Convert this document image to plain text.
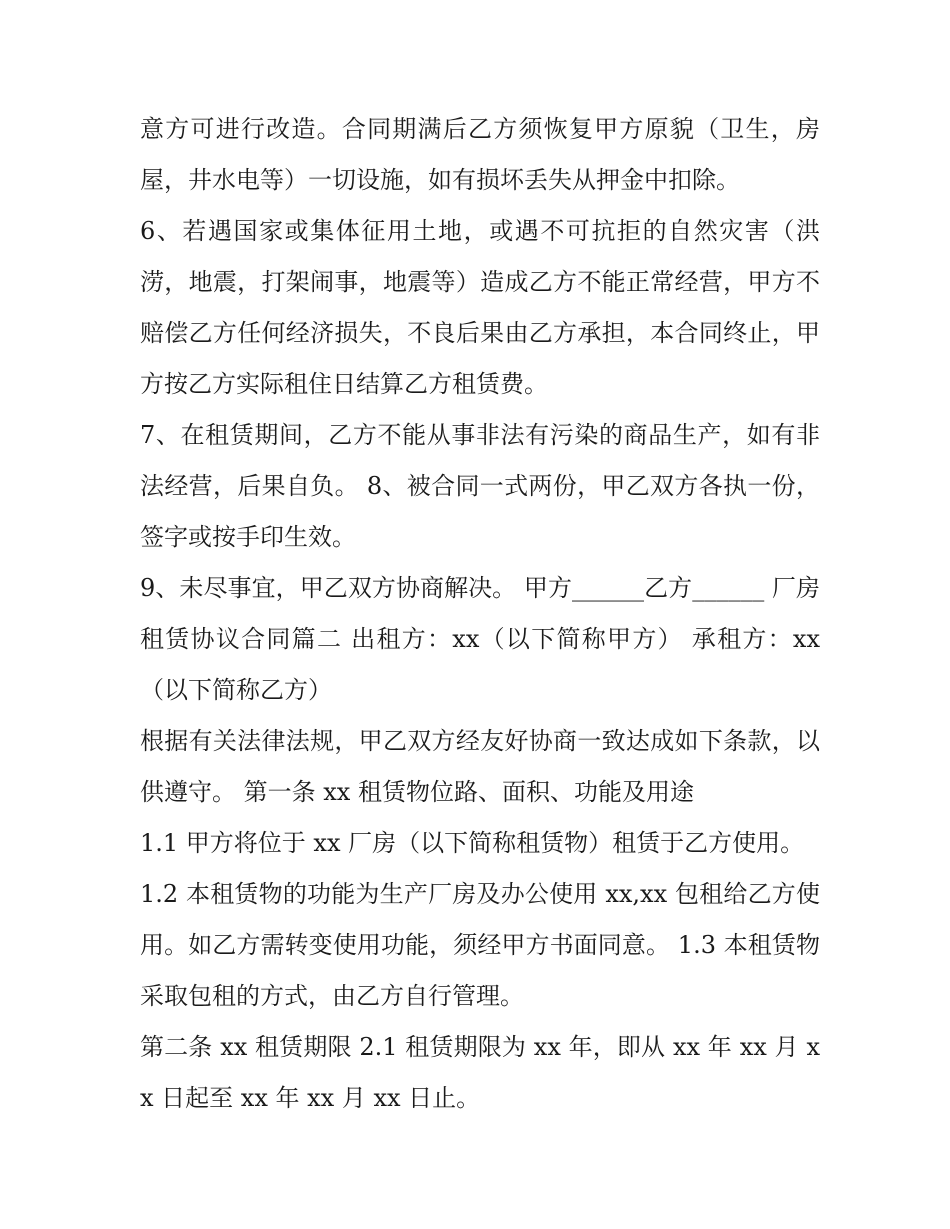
意方可进行改造。合同期满后乙方须恢复甲方原貌（卫生，房屋，井水电等）一切设施，如有损坏丢失从押金中扣除。

6、若遇国家或集体征用土地，或遇不可抗拒的自然灾害（洪涝，地震，打架闹事，地震等）造成乙方不能正常经营，甲方不赔偿乙方任何经济损失，不良后果由乙方承担，本合同终止，甲方按乙方实际租住日结算乙方租赁费。

7、在租赁期间，乙方不能从事非法有污染的商品生产，如有非法经营，后果自负。 8、被合同一式两份，甲乙双方各执一份，签字或按手印生效。

9、未尽事宜，甲乙双方协商解决。 甲方______乙方______ 厂房租赁协议合同篇二 出租方：xx（以下简称甲方） 承租方：xx（以下简称乙方）

根据有关法律法规，甲乙双方经友好协商一致达成如下条款，以供遵守。 第一条 xx 租赁物位路、面积、功能及用途

1.1 甲方将位于 xx 厂房（以下简称租赁物）租赁于乙方使用。

1.2 本租赁物的功能为生产厂房及办公使用 xx,xx 包租给乙方使用。如乙方需转变使用功能，须经甲方书面同意。 1.3 本租赁物采取包租的方式，由乙方自行管理。

第二条 xx 租赁期限 2.1 租赁期限为 xx 年，即从 xx 年 xx 月 xx 日起至 xx 年 xx 月 xx 日止。
